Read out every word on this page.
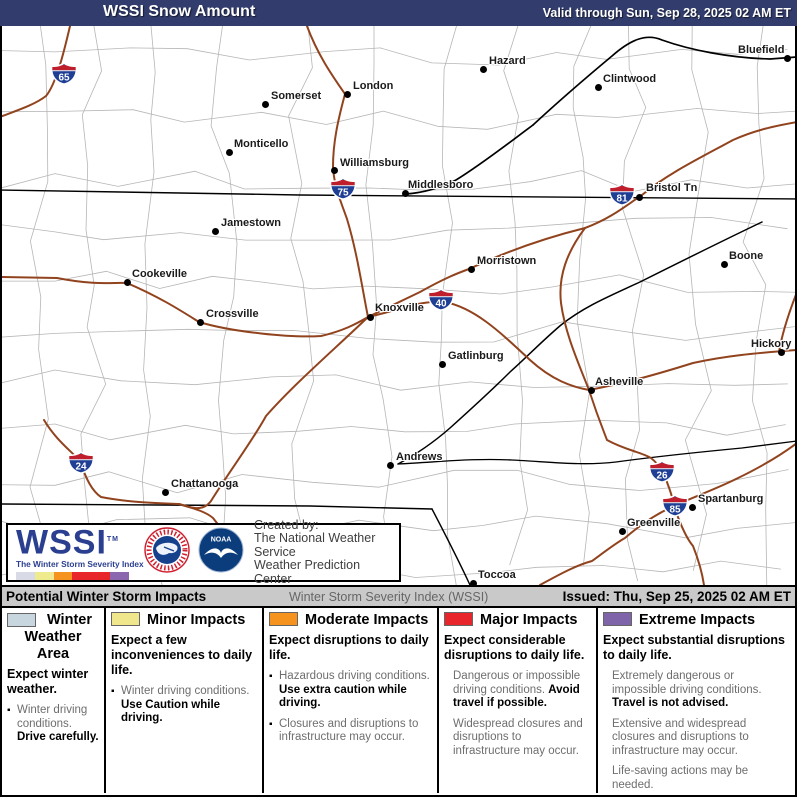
WSSI Snow Amount	Valid through Sun, Sep 28, 2025 02 AM ET
Hazard
Clintwood
Bluefield
Somerset
London
Monticello
Williamsburg
Middlesboro	Bristol Tn
Jamestown
Boone
Cookeville
Morristown
Crossville	Knoxville
Gatlinburg
Hickory
Asheville
Andrews
Chattanooga
Spartanburg
Greenville
Toccoa
65
75
81
40
24
26
85
WSSI™
The Winter Storm Severity Index
NOAA
Created by:
The National Weather Service
Weather Prediction Center
Potential Winter Storm Impacts	Winter Storm Severity Index (WSSI)	Issued: Thu, Sep 25, 2025 02 AM ET
Winter Weather Area
Expect winter weather.
▪ Winter driving conditions. Drive carefully.
Minor Impacts
Expect a few inconveniences to daily life.
▪ Winter driving conditions. Use Caution while driving.
Moderate Impacts
Expect disruptions to daily life.
▪ Hazardous driving conditions. Use extra caution while driving.
▪ Closures and disruptions to infrastructure may occur.
Major Impacts
Expect considerable disruptions to daily life.
Dangerous or impossible driving conditions. Avoid travel if possible.
Widespread closures and disruptions to infrastructure may occur.
Extreme Impacts
Expect substantial disruptions to daily life.
Extremely dangerous or impossible driving conditions. Travel is not advised.
Extensive and widespread closures and disruptions to infrastructure may occur.
Life-saving actions may be needed.
